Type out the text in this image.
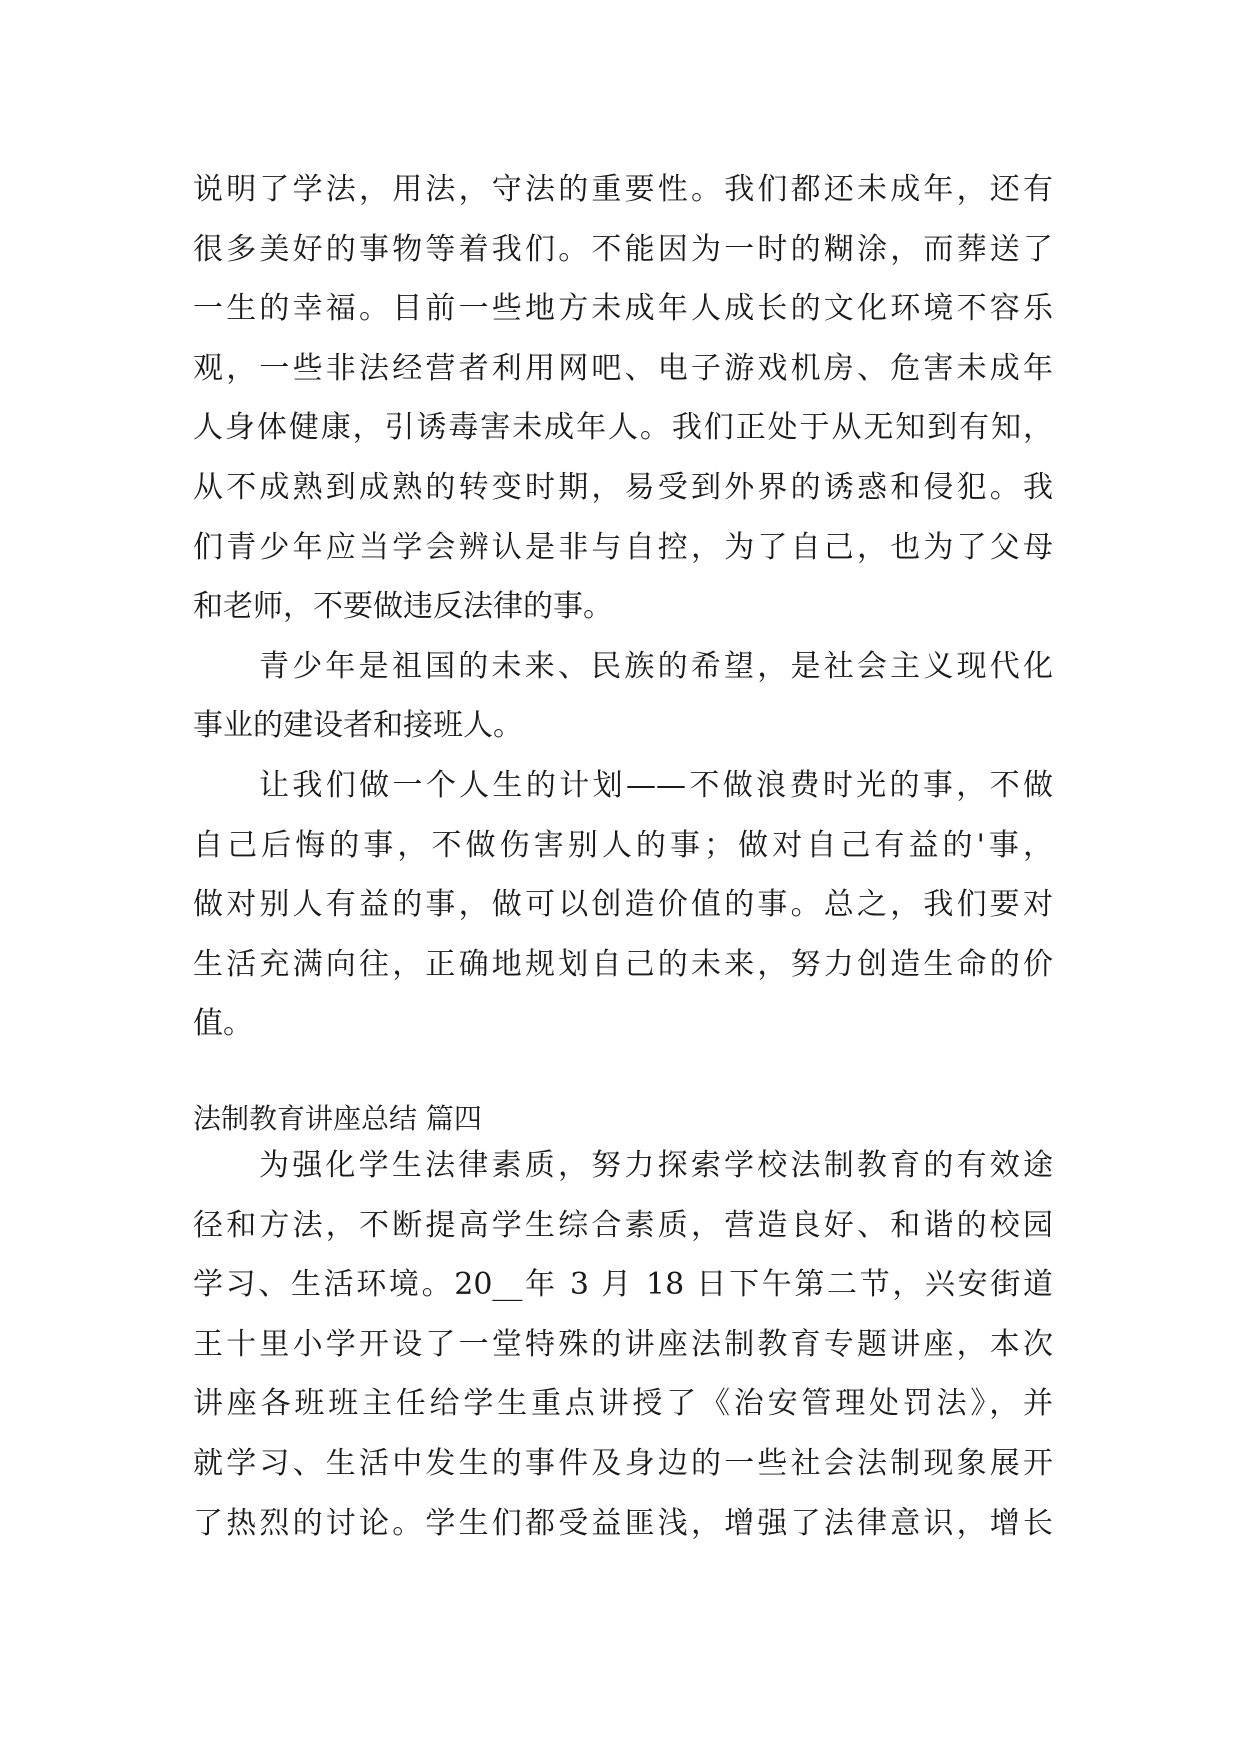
说明了学法，用法，守法的重要性。我们都还未成年，还有
很多美好的事物等着我们。不能因为一时的糊涂，而葬送了
一生的幸福。目前一些地方未成年人成长的文化环境不容乐
观，一些非法经营者利用网吧、电子游戏机房、危害未成年
人身体健康，引诱毒害未成年人。我们正处于从无知到有知，
从不成熟到成熟的转变时期，易受到外界的诱惑和侵犯。我
们青少年应当学会辨认是非与自控，为了自己，也为了父母
和老师，不要做违反法律的事。
青少年是祖国的未来、民族的希望，是社会主义现代化
事业的建设者和接班人。
让我们做一个人生的计划——不做浪费时光的事，不做
自己后悔的事，不做伤害别人的事；做对自己有益的'事，
做对别人有益的事，做可以创造价值的事。总之，我们要对
生活充满向往，正确地规划自己的未来，努力创造生命的价
值。
法制教育讲座总结 篇四
为强化学生法律素质，努力探索学校法制教育的有效途
径和方法，不断提高学生综合素质，营造良好、和谐的校园
学习、生活环境。20__年 3 月 18 日下午第二节，兴安街道
王十里小学开设了一堂特殊的讲座法制教育专题讲座，本次
讲座各班班主任给学生重点讲授了《治安管理处罚法》，并
就学习、生活中发生的事件及身边的一些社会法制现象展开
了热烈的讨论。学生们都受益匪浅，增强了法律意识，增长
